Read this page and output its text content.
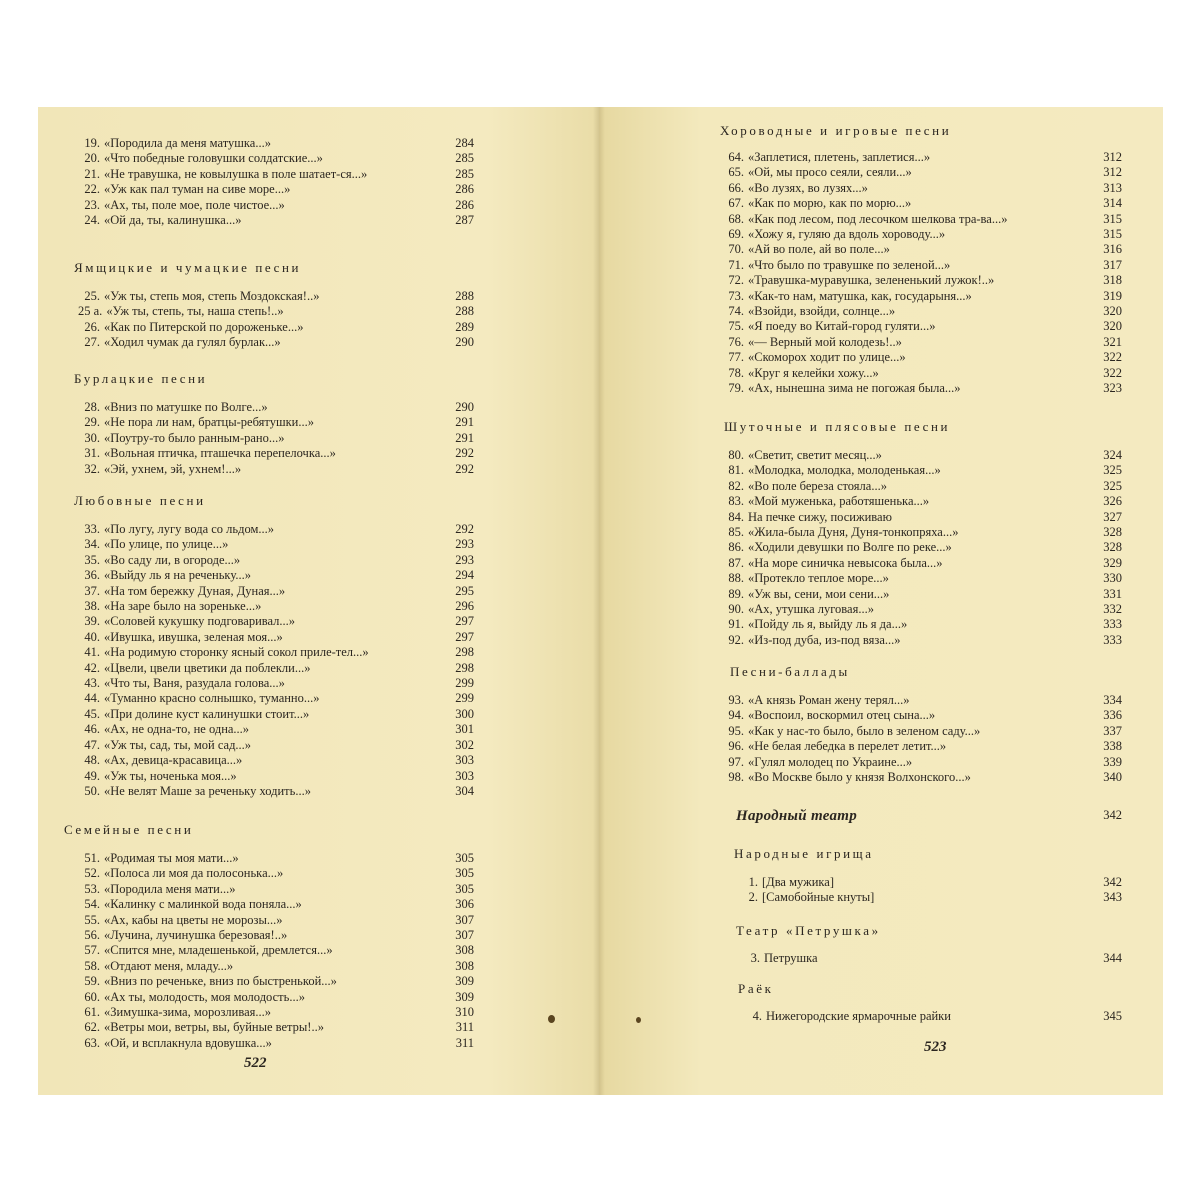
19. «Породила да меня матушка...»	284
20. «Что победные головушки солдатские...»	285
21. «Не травушка, не ковылушка в поле шатает-ся...»	285
22. «Уж как пал туман на сиве море...»	286
23. «Ах, ты, поле мое, поле чистое...»	286
24. «Ой да, ты, калинушка...»	287
Ямщицкие и чумацкие песни
25. «Уж ты, степь моя, степь Моздокская!..»	288
25 а. «Уж ты, степь, ты, наша степь!..»	288
26. «Как по Питерской по дороженьке...»	289
27. «Ходил чумак да гулял бурлак...»	290
Бурлацкие песни
28. «Вниз по матушке по Волге...»	290
29. «Не пора ли нам, братцы-ребятушки...»	291
30. «Поутру-то было ранным-рано...»	291
31. «Вольная птичка, пташечка перепелочка...»	292
32. «Эй, ухнем, эй, ухнем!...»	292
Любовные песни
33. «По лугу, лугу вода со льдом...»	292
34. «По улице, по улице...»	293
35. «Во саду ли, в огороде...»	293
36. «Выйду ль я на реченьку...»	294
37. «На том бережку Дуная, Дуная...»	295
38. «На заре было на зореньке...»	296
39. «Соловей кукушку подговаривал...»	297
40. «Ивушка, ивушка, зеленая моя...»	297
41. «На родимую сторонку ясный сокол приле-тел...»	298
42. «Цвели, цвели цветики да поблекли...»	298
43. «Что ты, Ваня, разудала голова...»	299
44. «Туманно красно солнышко, туманно...»	299
45. «При долине куст калинушки стоит...»	300
46. «Ах, не одна-то, не одна...»	301
47. «Уж ты, сад, ты, мой сад...»	302
48. «Ах, девица-красавица...»	303
49. «Уж ты, ноченька моя...»	303
50. «Не велят Маше за реченьку ходить...»	304
Семейные песни
51. «Родимая ты моя мати...»	305
52. «Полоса ли моя да полосонька...»	305
53. «Породила меня мати...»	305
54. «Калинку с малинкой вода поняла...»	306
55. «Ах, кабы на цветы не морозы...»	307
56. «Лучина, лучинушка березовая!..»	307
57. «Спится мне, младешенькой, дремлется...»	308
58. «Отдают меня, младу...»	308
59. «Вниз по реченьке, вниз по быстренькой...»	309
60. «Ах ты, молодость, моя молодость...»	309
61. «Зимушка-зима, морозливая...»	310
62. «Ветры мои, ветры, вы, буйные ветры!..»	311
63. «Ой, и всплакнула вдовушка...»	311
522
Хороводные и игровые песни
64. «Заплетися, плетень, заплетися...»	312
65. «Ой, мы просо сеяли, сеяли...»	312
66. «Во лузях, во лузях...»	313
67. «Как по морю, как по морю...»	314
68. «Как под лесом, под лесочком шелкова тра-ва...»	315
69. «Хожу я, гуляю да вдоль хороводу...»	315
70. «Ай во поле, ай во поле...»	316
71. «Что было по травушке по зеленой...»	317
72. «Травушка-муравушка, зелененький лужок!..»	318
73. «Как-то нам, матушка, как, государыня...»	319
74. «Взойди, взойди, солнце...»	320
75. «Я поеду во Китай-город гуляти...»	320
76. «— Верный мой колодезь!..»	321
77. «Скоморох ходит по улице...»	322
78. «Круг я келейки хожу...»	322
79. «Ах, нынешна зима не погожая была...»	323
Шуточные и плясовые песни
80. «Светит, светит месяц...»	324
81. «Молодка, молодка, молоденькая...»	325
82. «Во поле береза стояла...»	325
83. «Мой муженька, работяшенька...»	326
84. На печке сижу, посиживаю	327
85. «Жила-была Дуня, Дуня-тонкопряха...»	328
86. «Ходили девушки по Волге по реке...»	328
87. «На море синичка невысока была...»	329
88. «Протекло теплое море...»	330
89. «Уж вы, сени, мои сени...»	331
90. «Ах, утушка луговая...»	332
91. «Пойду ль я, выйду ль я да...»	333
92. «Из-под дуба, из-под вяза...»	333
Песни-баллады
93. «А князь Роман жену терял...»	334
94. «Воспоил, воскормил отец сына...»	336
95. «Как у нас-то было, было в зеленом саду...»	337
96. «Не белая лебедка в перелет летит...»	338
97. «Гулял молодец по Украине...»	339
98. «Во Москве было у князя Волхонского...»	340
Народный театр	342
Народные игрища
1. [Два мужика]	342
2. [Самобойные кнуты]	343
Театр «Петрушка»
3. Петрушка	344
Раёк
4. Нижегородские ярмарочные райки	345
523
